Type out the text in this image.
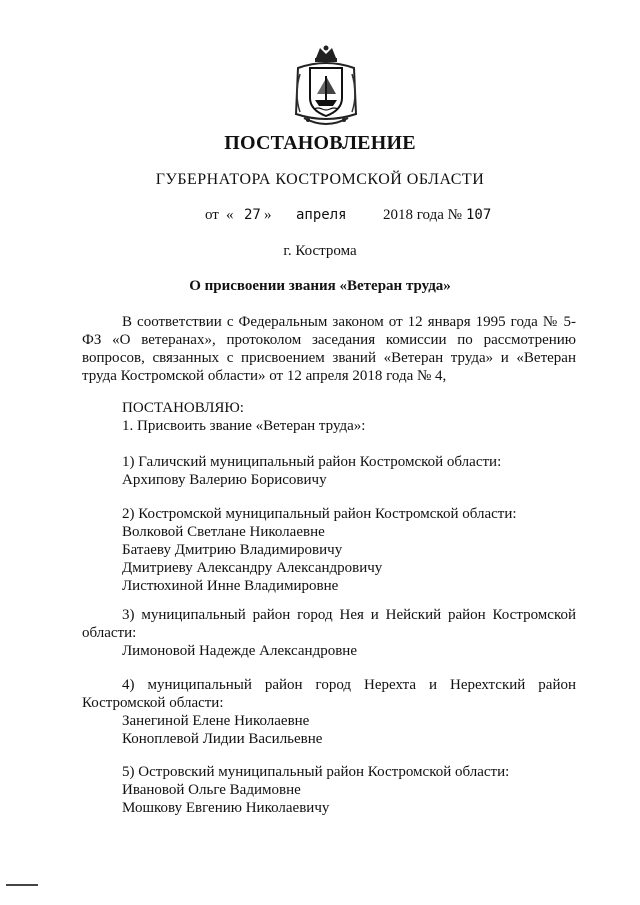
ПОСТАНОВЛЕНИЕ
ГУБЕРНАТОРА КОСТРОМСКОЙ ОБЛАСТИ
от « 27 » апреля 2018 года № 107
г. Кострома
О присвоении звания «Ветеран труда»
В соответствии с Федеральным законом от 12 января 1995 года № 5-ФЗ «О ветеранах», протоколом заседания комиссии по рассмотрению вопросов, связанных с присвоением званий «Ветеран труда» и «Ветеран труда Костромской области» от 12 апреля 2018 года № 4,
ПОСТАНОВЛЯЮ:
1. Присвоить звание «Ветеран труда»:
1) Галичский муниципальный район Костромской области:
Архипову Валерию Борисовичу
2) Костромской муниципальный район Костромской области:
Волковой Светлане Николаевне
Батаеву Дмитрию Владимировичу
Дмитриеву Александру Александровичу
Листюхиной Инне Владимировне
3) муниципальный район город Нея и Нейский район Костромской области:
Лимоновой Надежде Александровне
4) муниципальный район город Нерехта и Нерехтский район Костромской области:
Занегиной Елене Николаевне
Коноплевой Лидии Васильевне
5) Островский муниципальный район Костромской области:
Ивановой Ольге Вадимовне
Мошкову Евгению Николаевичу
